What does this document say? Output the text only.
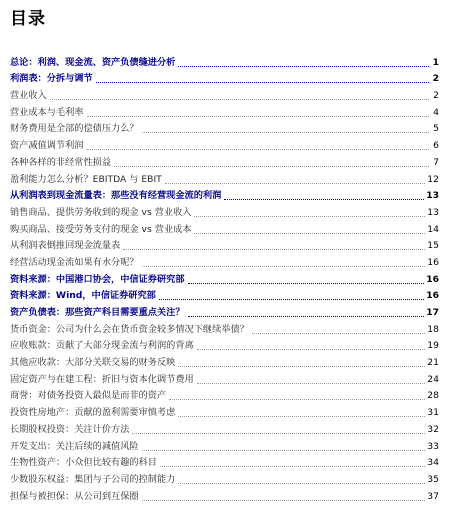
目录
总论：利润、现金流、资产负债缝进分析	1
利润表：分拆与调节	2
营业收入	2
营业成本与毛利率	4
财务费用是全部的偿债压力么？	5
资产减值调节利润	6
各种各样的非经常性损益	7
盈利能力怎么分析？EBITDA 与 EBIT	12
从利润表到现金流量表：那些没有经营现金流的利润	13
销售商品、提供劳务收到的现金 vs 营业收入	13
购买商品、接受劳务支付的现金 vs 营业成本	14
从利润表倒推回现金流量表	15
经营活动现金流如果有水分呢？	16
资料来源：中国港口协会，中信证券研究部	16
资料来源：Wind，中信证券研究部	16
资产负债表：那些资产科目需要重点关注？	17
货币资金：公司为什么会在货币资金较多情况下继续举债？	18
应收账款：贡献了大部分现金流与利润的背离	19
其他应收款：大部分关联交易的财务反映	21
固定资产与在建工程：折旧与资本化调节费用	24
商誉：对债务投资人最似是而非的资产	28
投资性房地产：贡献的盈利需要审慎考虑	31
长期股权投资：关注计价方法	32
开发支出：关注后续的减值风险	33
生物性资产：小众但比较有趣的科目	34
少数股东权益：集团与子公司的控制能力	35
担保与被担保：从公司到互保圈	37
